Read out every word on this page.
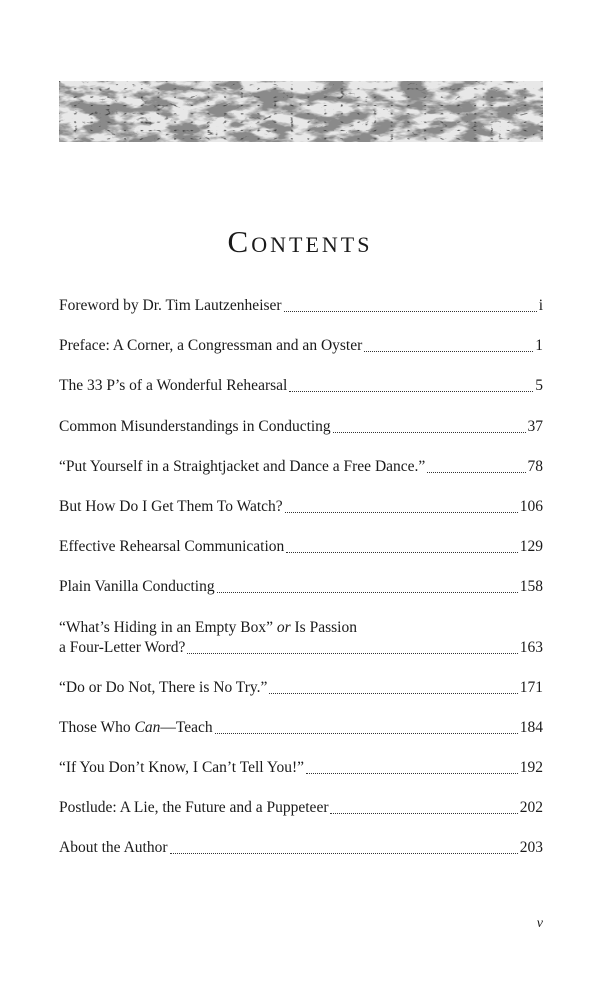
Contents
Foreword by Dr. Tim Lautzenheiser	i
Preface: A Corner, a Congressman and an Oyster	1
The 33 P’s of a Wonderful Rehearsal	5
Common Misunderstandings in Conducting	37
“Put Yourself in a Straightjacket and Dance a Free Dance.”	78
But How Do I Get Them To Watch?	106
Effective Rehearsal Communication	129
Plain Vanilla Conducting	158
“What’s Hiding in an Empty Box” or Is Passion
a Four-Letter Word?	163
“Do or Do Not, There is No Try.”	171
Those Who Can—Teach	184
“If You Don’t Know, I Can’t Tell You!”	192
Postlude: A Lie, the Future and a Puppeteer	202
About the Author	203
v
